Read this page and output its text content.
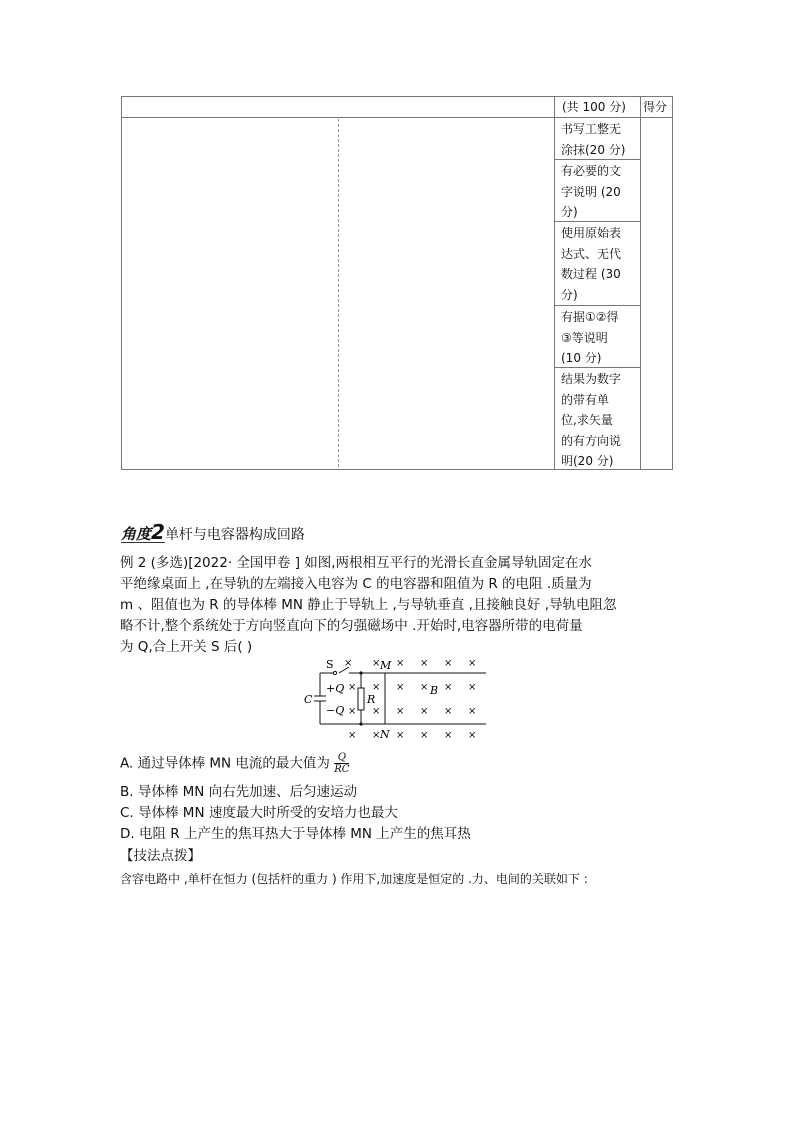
(共 100 分) 得分
书写工整无
涂抹(20 分)
有必要的文
字说明 (20
分)
使用原始表
达式、无代
数过程 (30
分)
有据①②得
③等说明
(10 分)
结果为数字
的带有单
位,求矢量
的有方向说
明(20 分)
角度2单杆与电容器构成回路
例 2 (多选)[2022· 全国甲卷 ] 如图,两根相互平行的光滑长直金属导轨固定在水
平绝缘桌面上 ,在导轨的左端接入电容为 C 的电容器和阻值为 R 的电阻 .质量为
m 、阻值也为 R 的导体棒 MN 静止于导轨上 ,与导轨垂直 ,且接触良好 ,导轨电阻忽
略不计,整个系统处于方向竖直向下的匀强磁场中 .开始时,电容器所带的电荷量
为 Q,合上开关 S 后( )
S	M
N
C
+Q
−Q
R
B
× × × × × ×
× × × × × ×
× × × × × ×
× × × × × ×
A. 通过导体棒 MN 电流的最大值为 $\frac{Q}{RC}$
B. 导体棒 MN 向右先加速、后匀速运动
C. 导体棒 MN 速度最大时所受的安培力也最大
D. 电阻 R 上产生的焦耳热大于导体棒 MN 上产生的焦耳热
【技法点拨】
含容电路中 ,单杆在恒力 (包括杆的重力 ) 作用下,加速度是恒定的 .力、电间的关联如下 :
